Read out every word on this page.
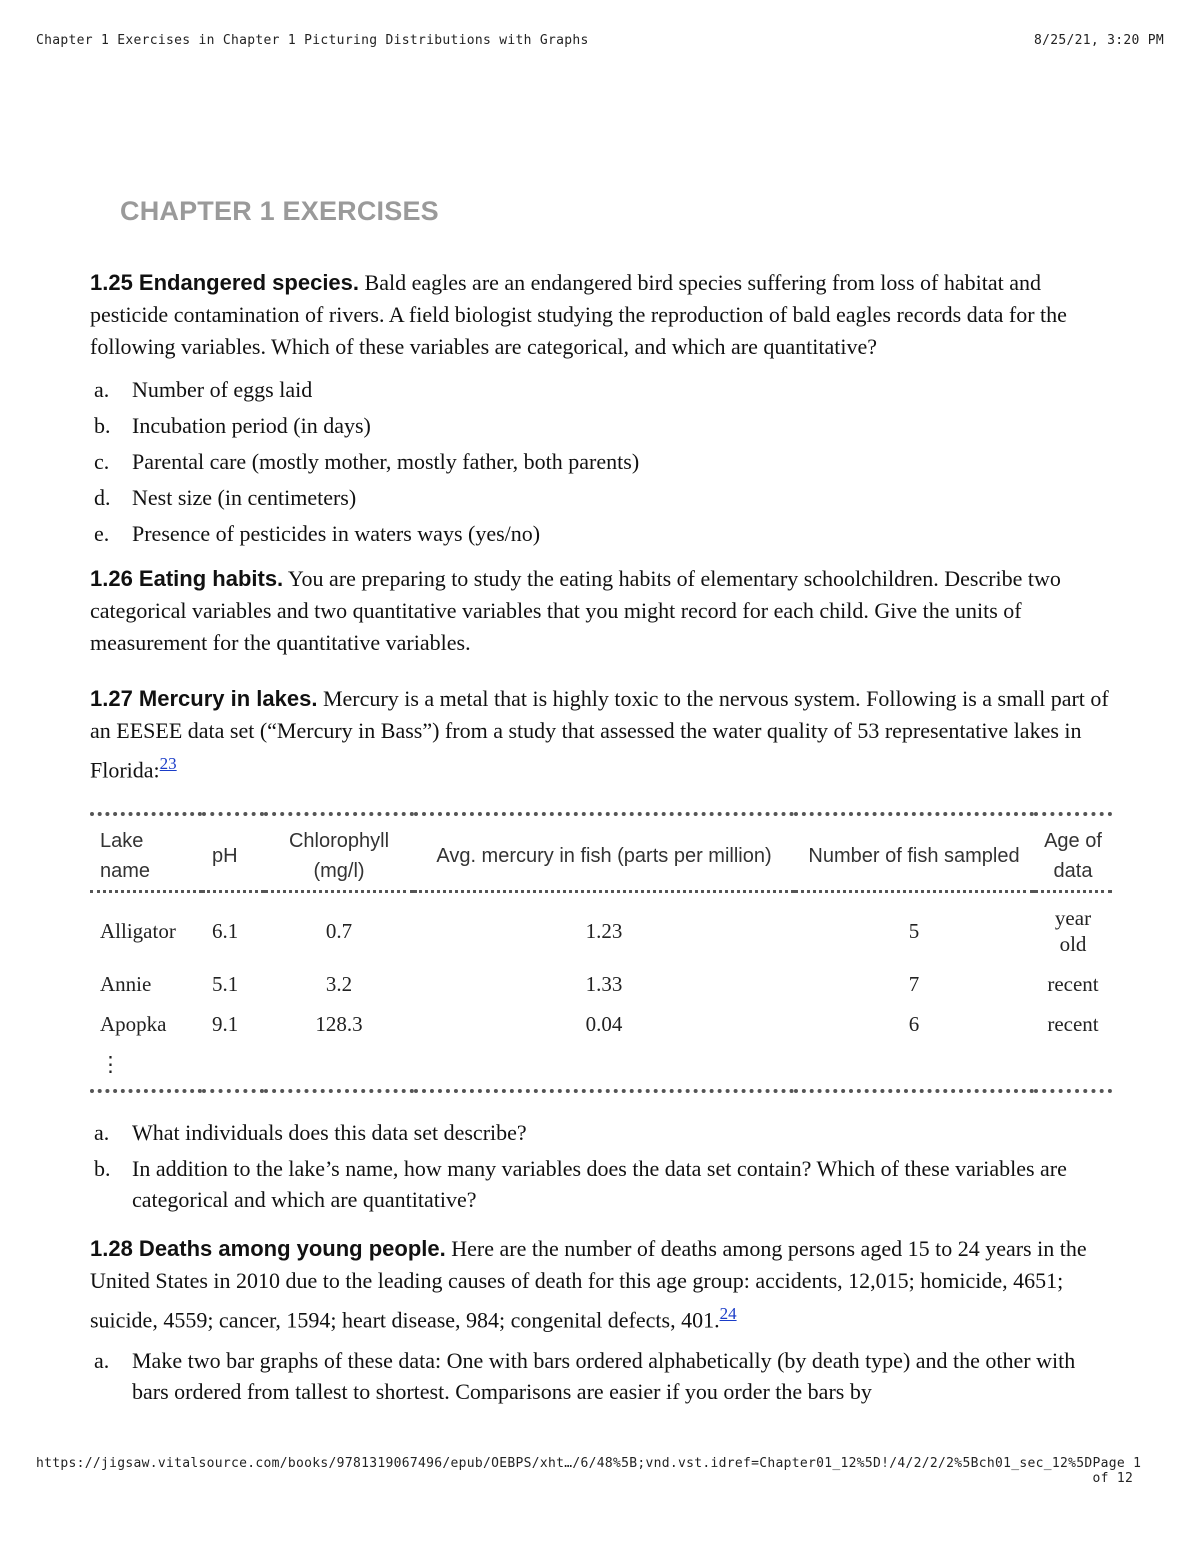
Chapter 1 Exercises in Chapter 1 Picturing Distributions with Graphs	8/25/21, 3:20 PM
CHAPTER 1 EXERCISES

1.25 Endangered species. Bald eagles are an endangered bird species suffering from loss of habitat and pesticide contamination of rivers. A field biologist studying the reproduction of bald eagles records data for the following variables. Which of these variables are categorical, and which are quantitative?

a.	Number of eggs laid
b. Incubation period (in days)
c.	Parental care (mostly mother, mostly father, both parents)
d. Nest size (in centimeters)
e.	Presence of pesticides in waters ways (yes/no)

1.26 Eating habits. You are preparing to study the eating habits of elementary schoolchildren. Describe two categorical variables and two quantitative variables that you might record for each child. Give the units of measurement for the quantitative variables.

1.27 Mercury in lakes. Mercury is a metal that is highly toxic to the nervous system. Following is a small part of an EESEE data set (“Mercury in Bass”) from a study that assessed the water quality of 53 representative lakes in Florida:$^{23}$

Lake name	pH	Chlorophyll (mg/l)	Avg. mercury in fish (parts per million)	Number of fish sampled	Age of data
Alligator	6.1	0.7	1.23	5	year old
Annie	5.1	3.2	1.33	7	recent
Apopka	9.1	128.3	0.04	6	recent
⋮					
a.	What individuals does this data set describe?
b. In addition to the lake’s name, how many variables does the data set contain? Which of these variables are categorical and which are quantitative?

1.28 Deaths among young people. Here are the number of deaths among persons aged 15 to 24 years in the United States in 2010 due to the leading causes of death for this age group: accidents, 12,015; homicide, 4651; suicide, 4559; cancer, 1594; heart disease, 984; congenital defects, 401.24

a.	Make two bar graphs of these data: One with bars ordered alphabetically (by death type) and the other with bars ordered from tallest to shortest. Comparisons are easier if you order the bars by
https://jigsaw.vitalsource.com/books/9781319067496/epub/OEBPS/xht…/6/48%5B;vnd.vst.idref=Chapter01_12%5D!/4/2/2/2%5Bch01_sec_12%5D Page 1 of 12
